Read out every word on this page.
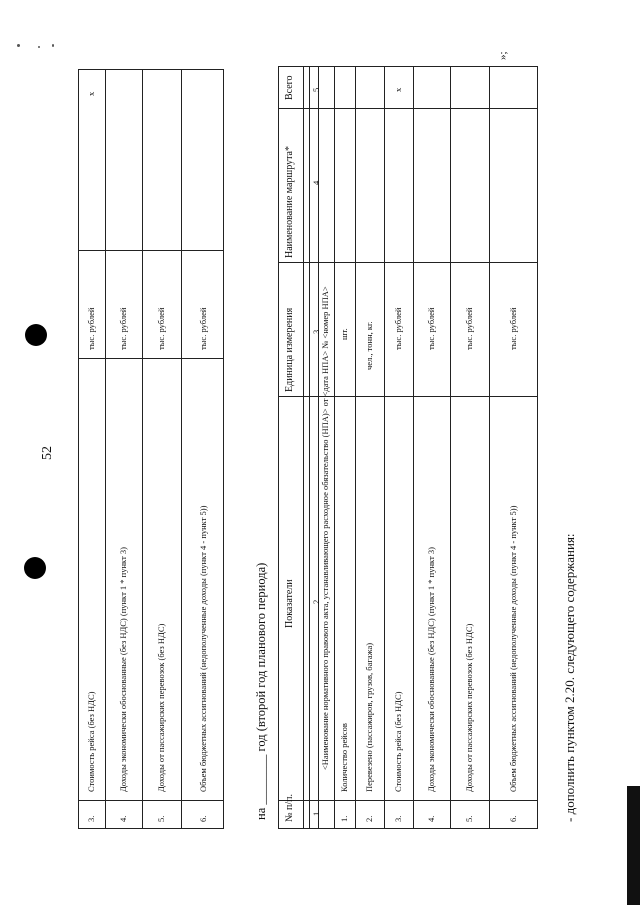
52
3.
Стоимость рейса (без НДС)
тыс. рублей
x
4.
Доходы экономически обоснованные (без НДС) (пункт 1 * пункт 3)
тыс. рублей
5.
Доходы от пассажирских перевозок (без НДС)
тыс. рублей
6.
Объем бюджетных ассигнований (недополученные доходы (пункт 4 - пункт 5))
тыс. рублей
на ________ год (второй год планового периода)
№ п/п.
Показатели
Единица измерения
Наименование маршрута*
Всего
1
2
3
4
5
<Наименование нормативного правового акта, устанавливающего расходное обязательство (НПА)> от <дата НПА> № <номер НПА>
1.
Количество рейсов
шт.
2.
Перевезено (пассажиров, грузов, багажа)
чел., тонн, кг.
3.
Стоимость рейса (без НДС)
тыс. рублей
x
4.
Доходы экономически обоснованные (без НДС) (пункт 1 * пункт 3)
тыс. рублей
5.
Доходы от пассажирских перевозок (без НДС)
тыс. рублей
6.
Объем бюджетных ассигнований (недополученные доходы (пункт 4 - пункт 5))
тыс. рублей
»;
- дополнить пунктом 2.20. следующего содержания:
